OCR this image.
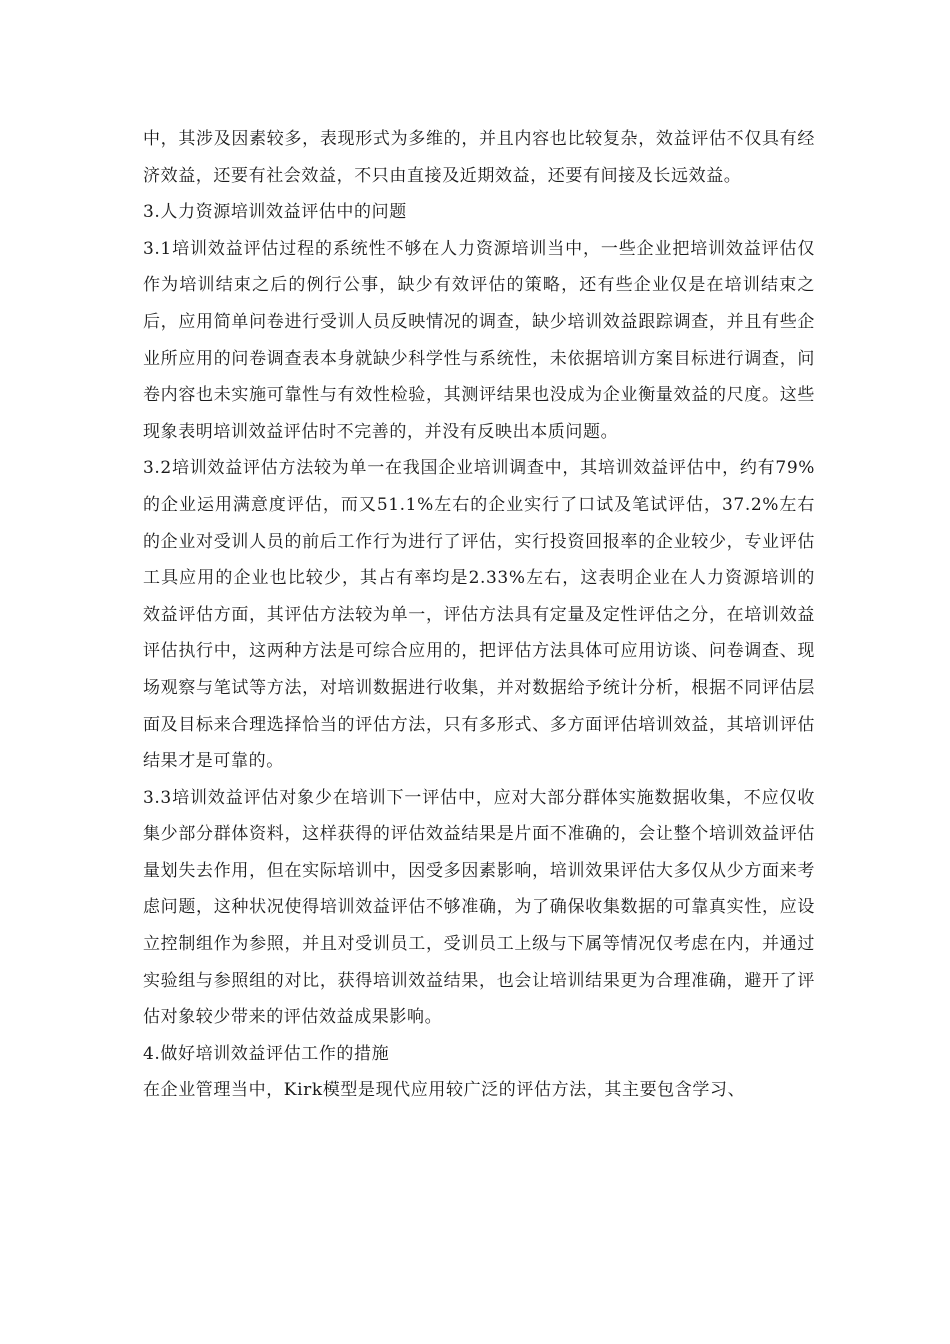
中，其涉及因素较多，表现形式为多维的，并且内容也比较复杂，效益评估不仅具有经济效益，还要有社会效益，不只由直接及近期效益，还要有间接及长远效益。

3.人力资源培训效益评估中的问题

3.1培训效益评估过程的系统性不够在人力资源培训当中，一些企业把培训效益评估仅作为培训结束之后的例行公事，缺少有效评估的策略，还有些企业仅是在培训结束之后，应用简单问卷进行受训人员反映情况的调查，缺少培训效益跟踪调查，并且有些企业所应用的问卷调查表本身就缺少科学性与系统性，未依据培训方案目标进行调查，问卷内容也未实施可靠性与有效性检验，其测评结果也没成为企业衡量效益的尺度。这些现象表明培训效益评估时不完善的，并没有反映出本质问题。

3.2培训效益评估方法较为单一在我国企业培训调查中，其培训效益评估中，约有79%的企业运用满意度评估，而又51.1%左右的企业实行了口试及笔试评估，37.2%左右的企业对受训人员的前后工作行为进行了评估，实行投资回报率的企业较少，专业评估工具应用的企业也比较少，其占有率均是2.33%左右，这表明企业在人力资源培训的效益评估方面，其评估方法较为单一，评估方法具有定量及定性评估之分，在培训效益评估执行中，这两种方法是可综合应用的，把评估方法具体可应用访谈、问卷调查、现场观察与笔试等方法，对培训数据进行收集，并对数据给予统计分析，根据不同评估层面及目标来合理选择恰当的评估方法，只有多形式、多方面评估培训效益，其培训评估结果才是可靠的。

3.3培训效益评估对象少在培训下一评估中，应对大部分群体实施数据收集，不应仅收集少部分群体资料，这样获得的评估效益结果是片面不准确的，会让整个培训效益评估量划失去作用，但在实际培训中，因受多因素影响，培训效果评估大多仅从少方面来考虑问题，这种状况使得培训效益评估不够准确，为了确保收集数据的可靠真实性，应设立控制组作为参照，并且对受训员工，受训员工上级与下属等情况仅考虑在内，并通过实验组与参照组的对比，获得培训效益结果，也会让培训结果更为合理准确，避开了评估对象较少带来的评估效益成果影响。

4.做好培训效益评估工作的措施

在企业管理当中，Kirk模型是现代应用较广泛的评估方法，其主要包含学习、
